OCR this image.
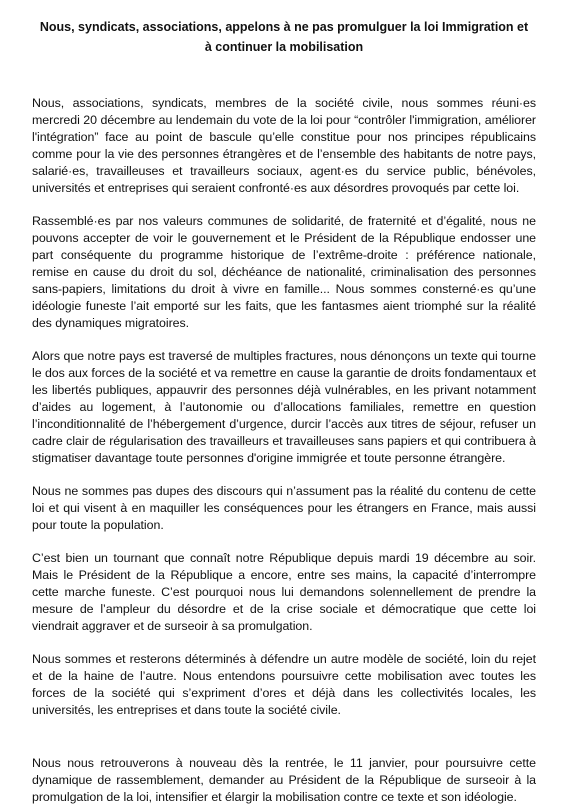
Nous, syndicats, associations, appelons à ne pas promulguer la loi Immigration et à continuer la mobilisation

Nous, associations, syndicats, membres de la société civile, nous sommes réuni·es mercredi 20 décembre au lendemain du vote de la loi pour “contrôler l'immigration, améliorer l'intégration” face au point de bascule qu’elle constitue pour nos principes républicains comme pour la vie des personnes étrangères et de l’ensemble des habitants de notre pays, salarié·es, travailleuses et travailleurs sociaux, agent·es du service public, bénévoles, universités et entreprises qui seraient confronté·es aux désordres provoqués par cette loi.

Rassemblé·es par nos valeurs communes de solidarité, de fraternité et d’égalité, nous ne pouvons accepter de voir le gouvernement et le Président de la République endosser une part conséquente du programme historique de l’extrême-droite : préférence nationale, remise en cause du droit du sol, déchéance de nationalité, criminalisation des personnes sans-papiers, limitations du droit à vivre en famille... Nous sommes consterné·es qu’une idéologie funeste l’ait emporté sur les faits, que les fantasmes aient triomphé sur la réalité des dynamiques migratoires.

Alors que notre pays est traversé de multiples fractures, nous dénonçons un texte qui tourne le dos aux forces de la société et va remettre en cause la garantie de droits fondamentaux et les libertés publiques, appauvrir des personnes déjà vulnérables, en les privant notamment d’aides au logement, à l’autonomie ou d’allocations familiales, remettre en question l’inconditionnalité de l’hébergement d’urgence, durcir l’accès aux titres de séjour, refuser un cadre clair de régularisation des travailleurs et travailleuses sans papiers et qui contribuera à stigmatiser davantage toute personnes d'origine immigrée et toute personne étrangère.

Nous ne sommes pas dupes des discours qui n’assument pas la réalité du contenu de cette loi et qui visent à en maquiller les conséquences pour les étrangers en France, mais aussi pour toute la population.

C’est bien un tournant que connaît notre République depuis mardi 19 décembre au soir. Mais le Président de la République a encore, entre ses mains, la capacité d’interrompre cette marche funeste. C’est pourquoi nous lui demandons solennellement de prendre la mesure de l’ampleur du désordre et de la crise sociale et démocratique que cette loi viendrait aggraver et de surseoir à sa promulgation.

Nous sommes et resterons déterminés à défendre un autre modèle de société, loin du rejet et de la haine de l’autre. Nous entendons poursuivre cette mobilisation avec toutes les forces de la société qui s’expriment d’ores et déjà dans les collectivités locales, les universités, les entreprises et dans toute la société civile.

Nous nous retrouverons à nouveau dès la rentrée, le 11 janvier, pour poursuivre cette dynamique de rassemblement, demander au Président de la République de surseoir à la promulgation de la loi, intensifier et élargir la mobilisation contre ce texte et son idéologie.
